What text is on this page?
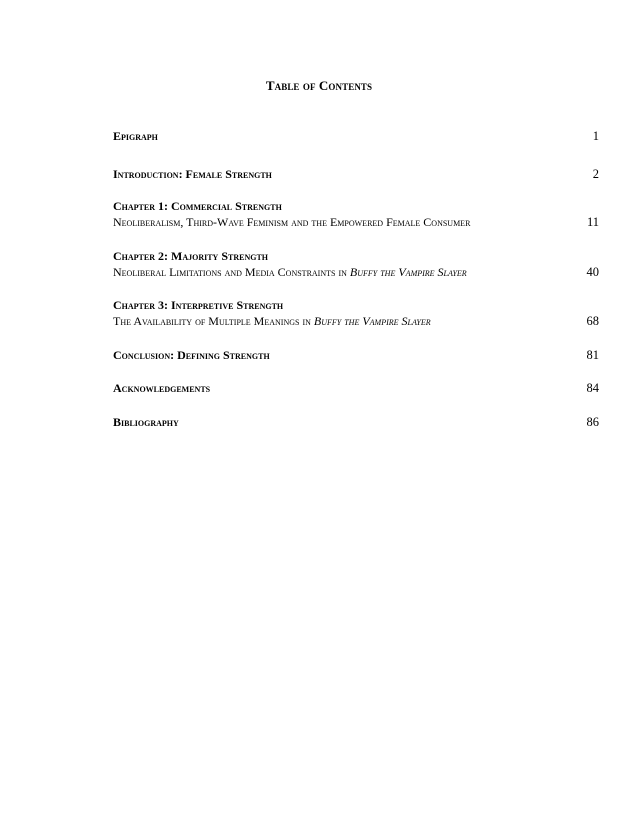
Table of Contents
Epigraph	1
Introduction: Female Strength	2
Chapter 1: Commercial Strength
Neoliberalism, Third-Wave Feminism and the Empowered Female Consumer	11
Chapter 2: Majority Strength
Neoliberal Limitations and Media Constraints in Buffy the Vampire Slayer	40
Chapter 3: Interpretive Strength
The Availability of Multiple Meanings in Buffy the Vampire Slayer	68
Conclusion: Defining Strength	81
Acknowledgements	84
Bibliography	86
